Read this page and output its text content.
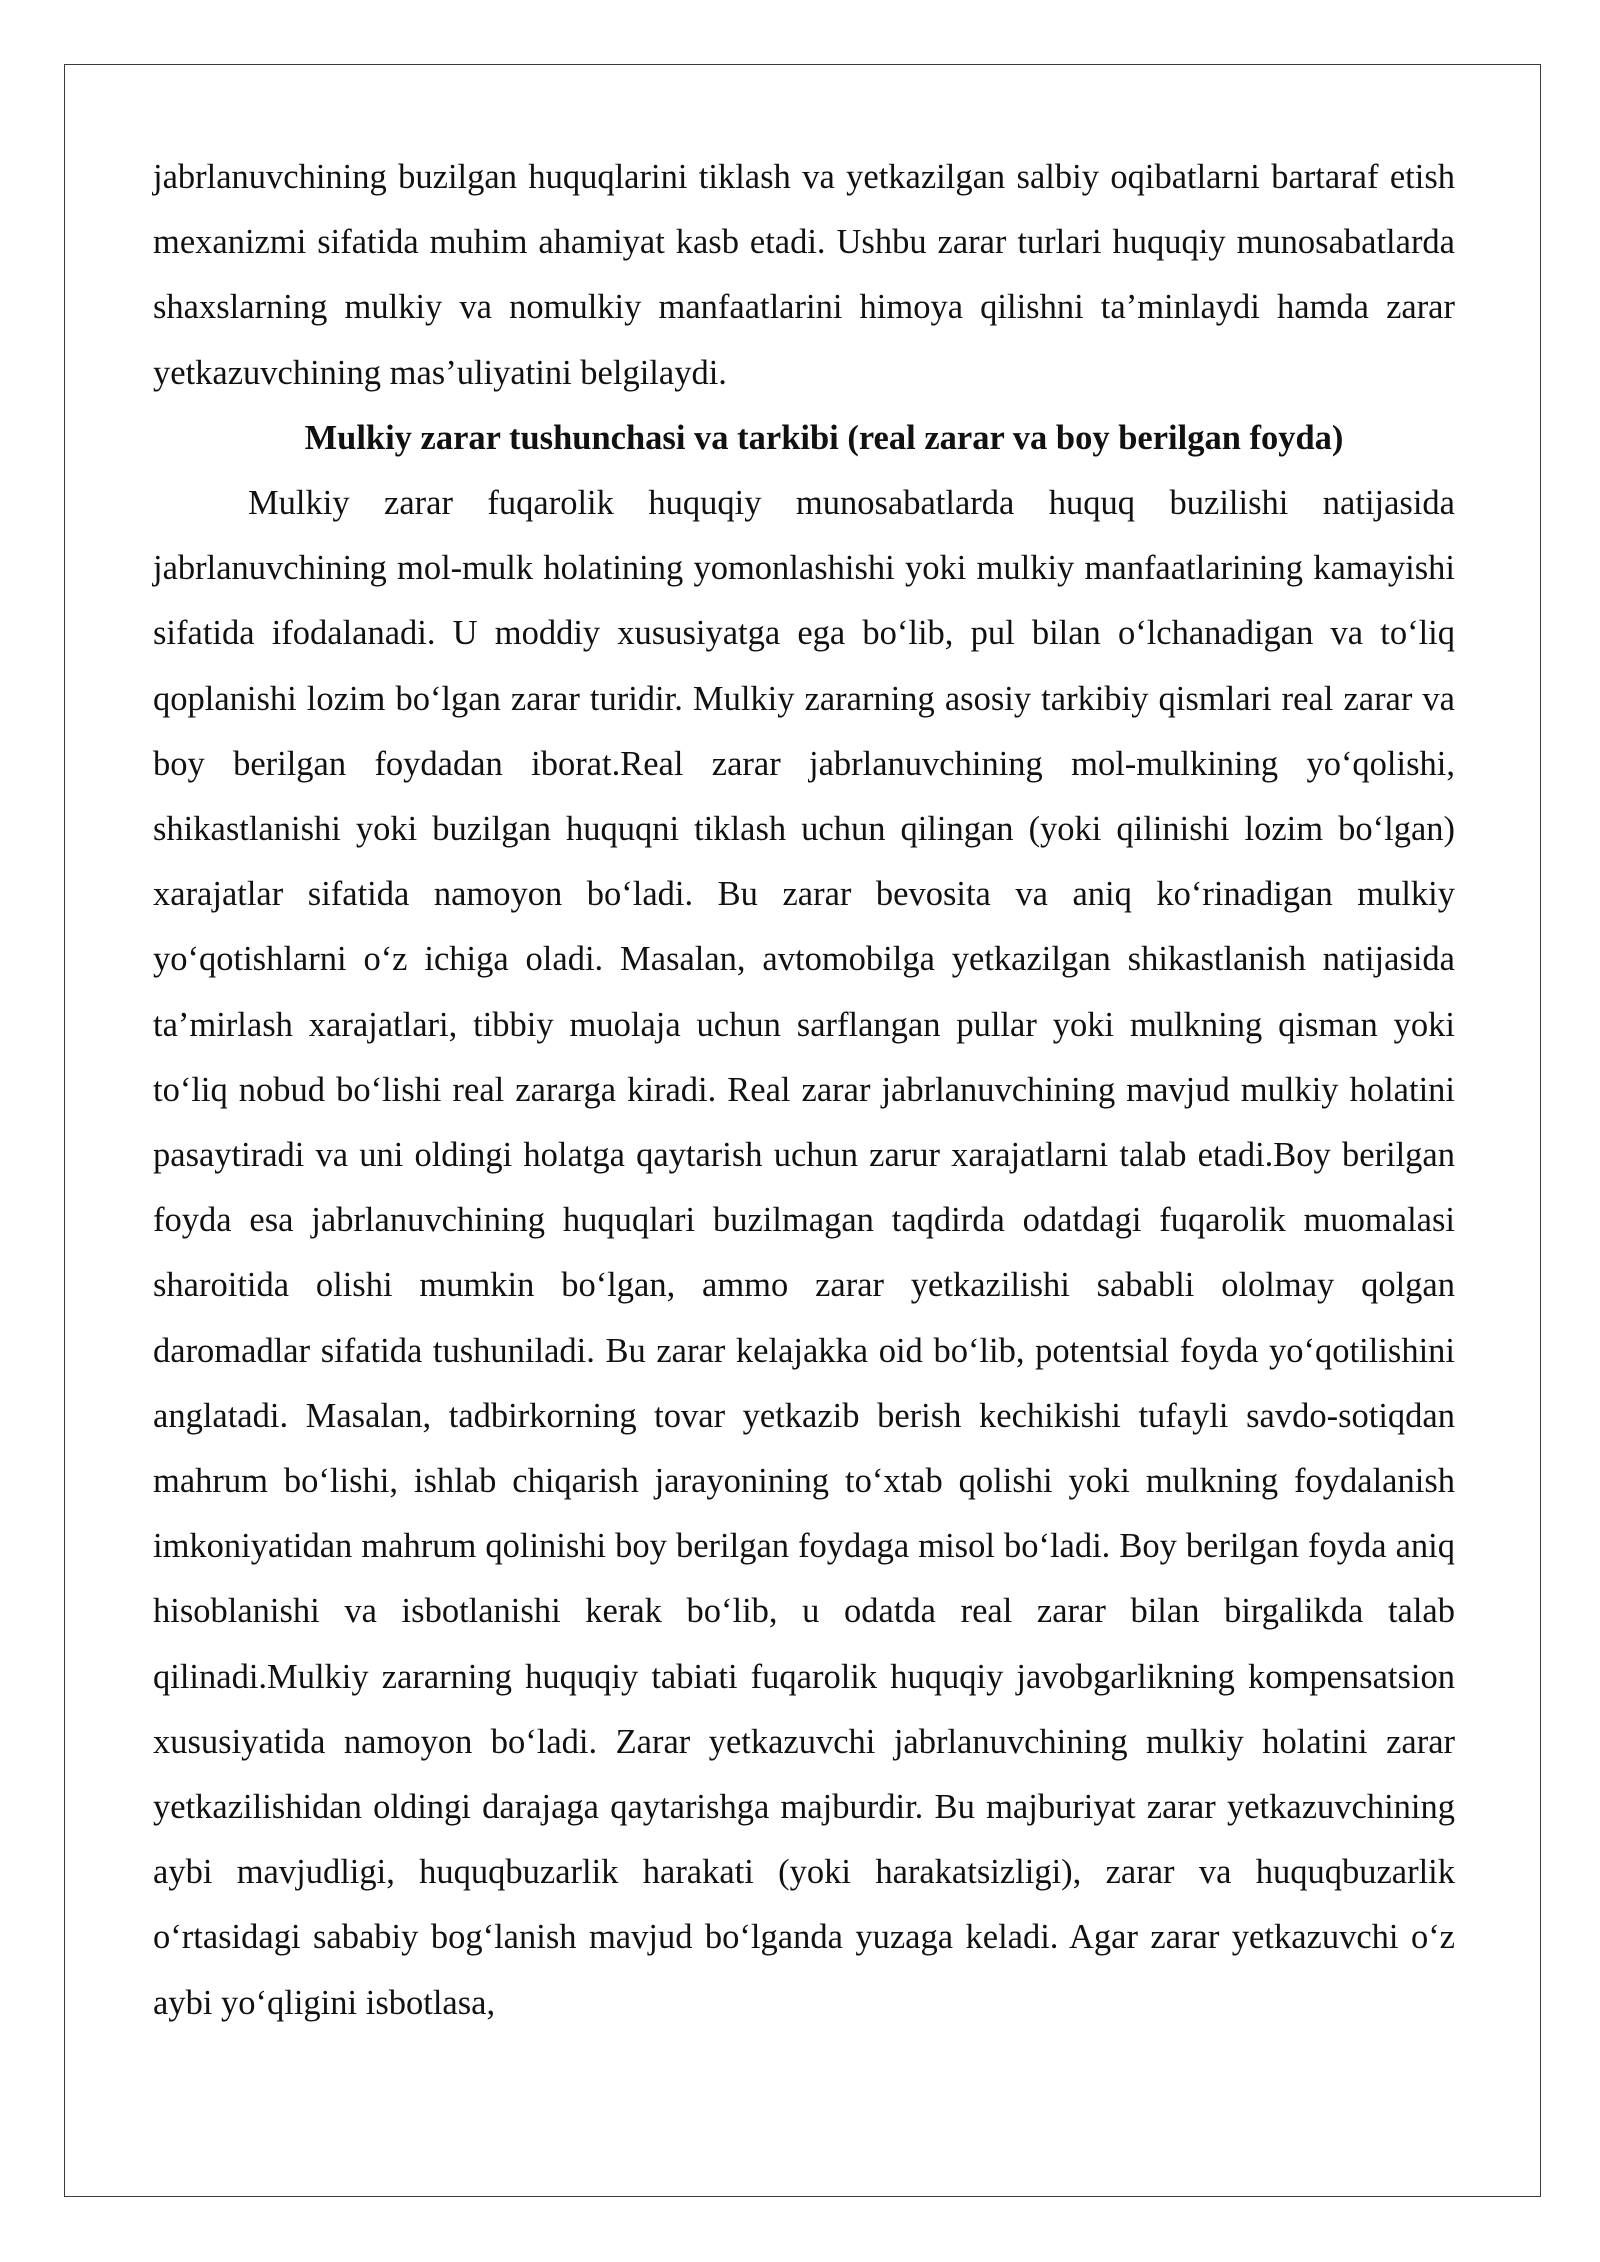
jabrlanuvchining buzilgan huquqlarini tiklash va yetkazilgan salbiy oqibatlarni bartaraf etish mexanizmi sifatida muhim ahamiyat kasb etadi. Ushbu zarar turlari huquqiy munosabatlarda shaxslarning mulkiy va nomulkiy manfaatlarini himoya qilishni ta’minlaydi hamda zarar yetkazuvchining mas’uliyatini belgilaydi.

Mulkiy zarar tushunchasi va tarkibi (real zarar va boy berilgan foyda)

Mulkiy zarar fuqarolik huquqiy munosabatlarda huquq buzilishi natijasida jabrlanuvchining mol-mulk holatining yomonlashishi yoki mulkiy manfaatlarining kamayishi sifatida ifodalanadi. U moddiy xususiyatga ega bo‘lib, pul bilan o‘lchanadigan va to‘liq qoplanishi lozim bo‘lgan zarar turidir. Mulkiy zararning asosiy tarkibiy qismlari real zarar va boy berilgan foydadan iborat.Real zarar jabrlanuvchining mol-mulkining yo‘qolishi, shikastlanishi yoki buzilgan huquqni tiklash uchun qilingan (yoki qilinishi lozim bo‘lgan) xarajatlar sifatida namoyon bo‘ladi. Bu zarar bevosita va aniq ko‘rinadigan mulkiy yo‘qotishlarni o‘z ichiga oladi. Masalan, avtomobilga yetkazilgan shikastlanish natijasida ta’mirlash xarajatlari, tibbiy muolaja uchun sarflangan pullar yoki mulkning qisman yoki to‘liq nobud bo‘lishi real zararga kiradi. Real zarar jabrlanuvchining mavjud mulkiy holatini pasaytiradi va uni oldingi holatga qaytarish uchun zarur xarajatlarni talab etadi.Boy berilgan foyda esa jabrlanuvchining huquqlari buzilmagan taqdirda odatdagi fuqarolik muomalasi sharoitida olishi mumkin bo‘lgan, ammo zarar yetkazilishi sababli ololmay qolgan daromadlar sifatida tushuniladi. Bu zarar kelajakka oid bo‘lib, potentsial foyda yo‘qotilishini anglatadi. Masalan, tadbirkorning tovar yetkazib berish kechikishi tufayli savdo-sotiqdan mahrum bo‘lishi, ishlab chiqarish jarayonining to‘xtab qolishi yoki mulkning foydalanish imkoniyatidan mahrum qolinishi boy berilgan foydaga misol bo‘ladi. Boy berilgan foyda aniq hisoblanishi va isbotlanishi kerak bo‘lib, u odatda real zarar bilan birgalikda talab qilinadi.Mulkiy zararning huquqiy tabiati fuqarolik huquqiy javobgarlikning kompensatsion xususiyatida namoyon bo‘ladi. Zarar yetkazuvchi jabrlanuvchining mulkiy holatini zarar yetkazilishidan oldingi darajaga qaytarishga majburdir. Bu majburiyat zarar yetkazuvchining aybi mavjudligi, huquqbuzarlik harakati (yoki harakatsizligi), zarar va huquqbuzarlik o‘rtasidagi sababiy bog‘lanish mavjud bo‘lganda yuzaga keladi. Agar zarar yetkazuvchi o‘z aybi yo‘qligini isbotlasa,
